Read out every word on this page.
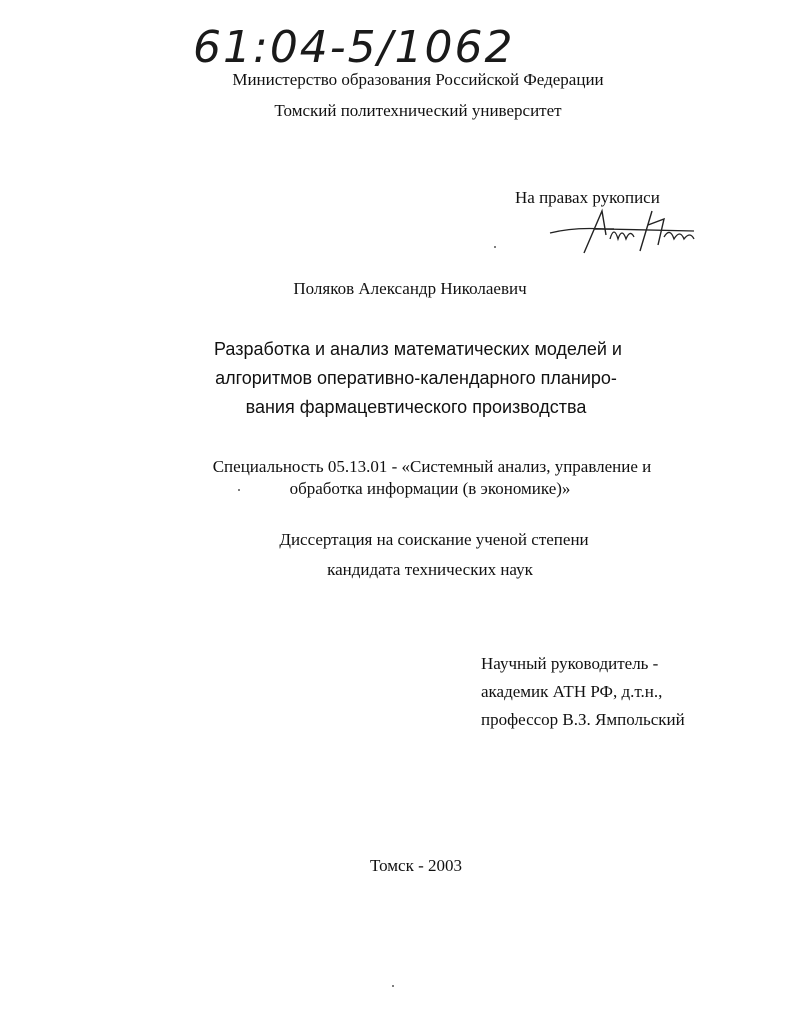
61:04-5/1062
Министерство образования Российской Федерации
Томский политехнический университет
На правах рукописи
Поляков Александр Николаевич
Разработка и анализ математических моделей и
алгоритмов оперативно-календарного планиро-
вания фармацевтического производства
Специальность 05.13.01 - «Системный анализ, управление и
обработка информации (в экономике)»
Диссертация на соискание ученой степени
кандидата технических наук
Научный руководитель -
академик АТН РФ, д.т.н.,
профессор В.З. Ямпольский
Томск - 2003
